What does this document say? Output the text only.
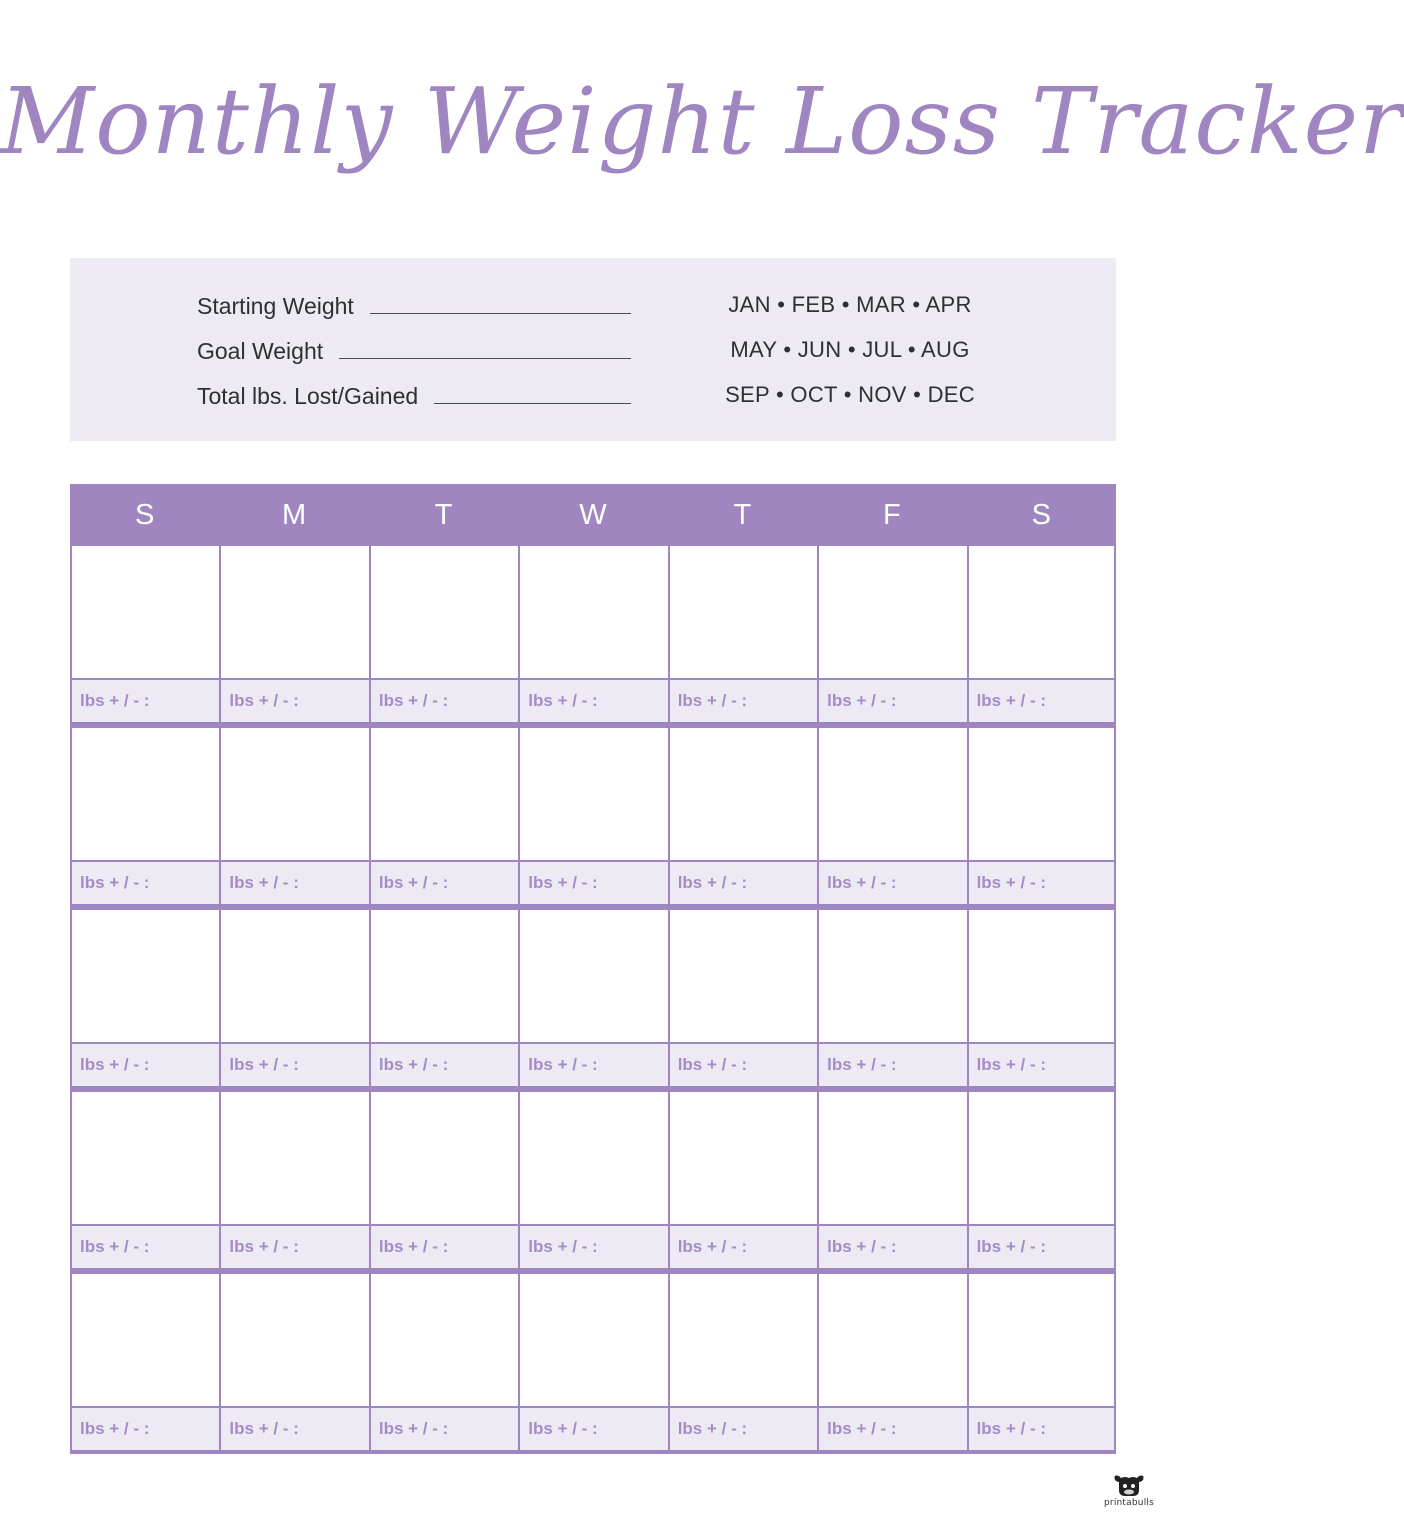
Monthly Weight Loss Tracker
Starting Weight
Goal Weight
Total lbs. Lost/Gained
JAN • FEB • MAR • APR
MAY • JUN • JUL • AUG
SEP • OCT • NOV • DEC
S	M	T	W	T	F	S
lbs + / - :	lbs + / - :	lbs + / - :	lbs + / - :	lbs + / - :	lbs + / - :	lbs + / - :
lbs + / - :	lbs + / - :	lbs + / - :	lbs + / - :	lbs + / - :	lbs + / - :	lbs + / - :
lbs + / - :	lbs + / - :	lbs + / - :	lbs + / - :	lbs + / - :	lbs + / - :	lbs + / - :
lbs + / - :	lbs + / - :	lbs + / - :	lbs + / - :	lbs + / - :	lbs + / - :	lbs + / - :
lbs + / - :	lbs + / - :	lbs + / - :	lbs + / - :	lbs + / - :	lbs + / - :	lbs + / - :
printabulls
